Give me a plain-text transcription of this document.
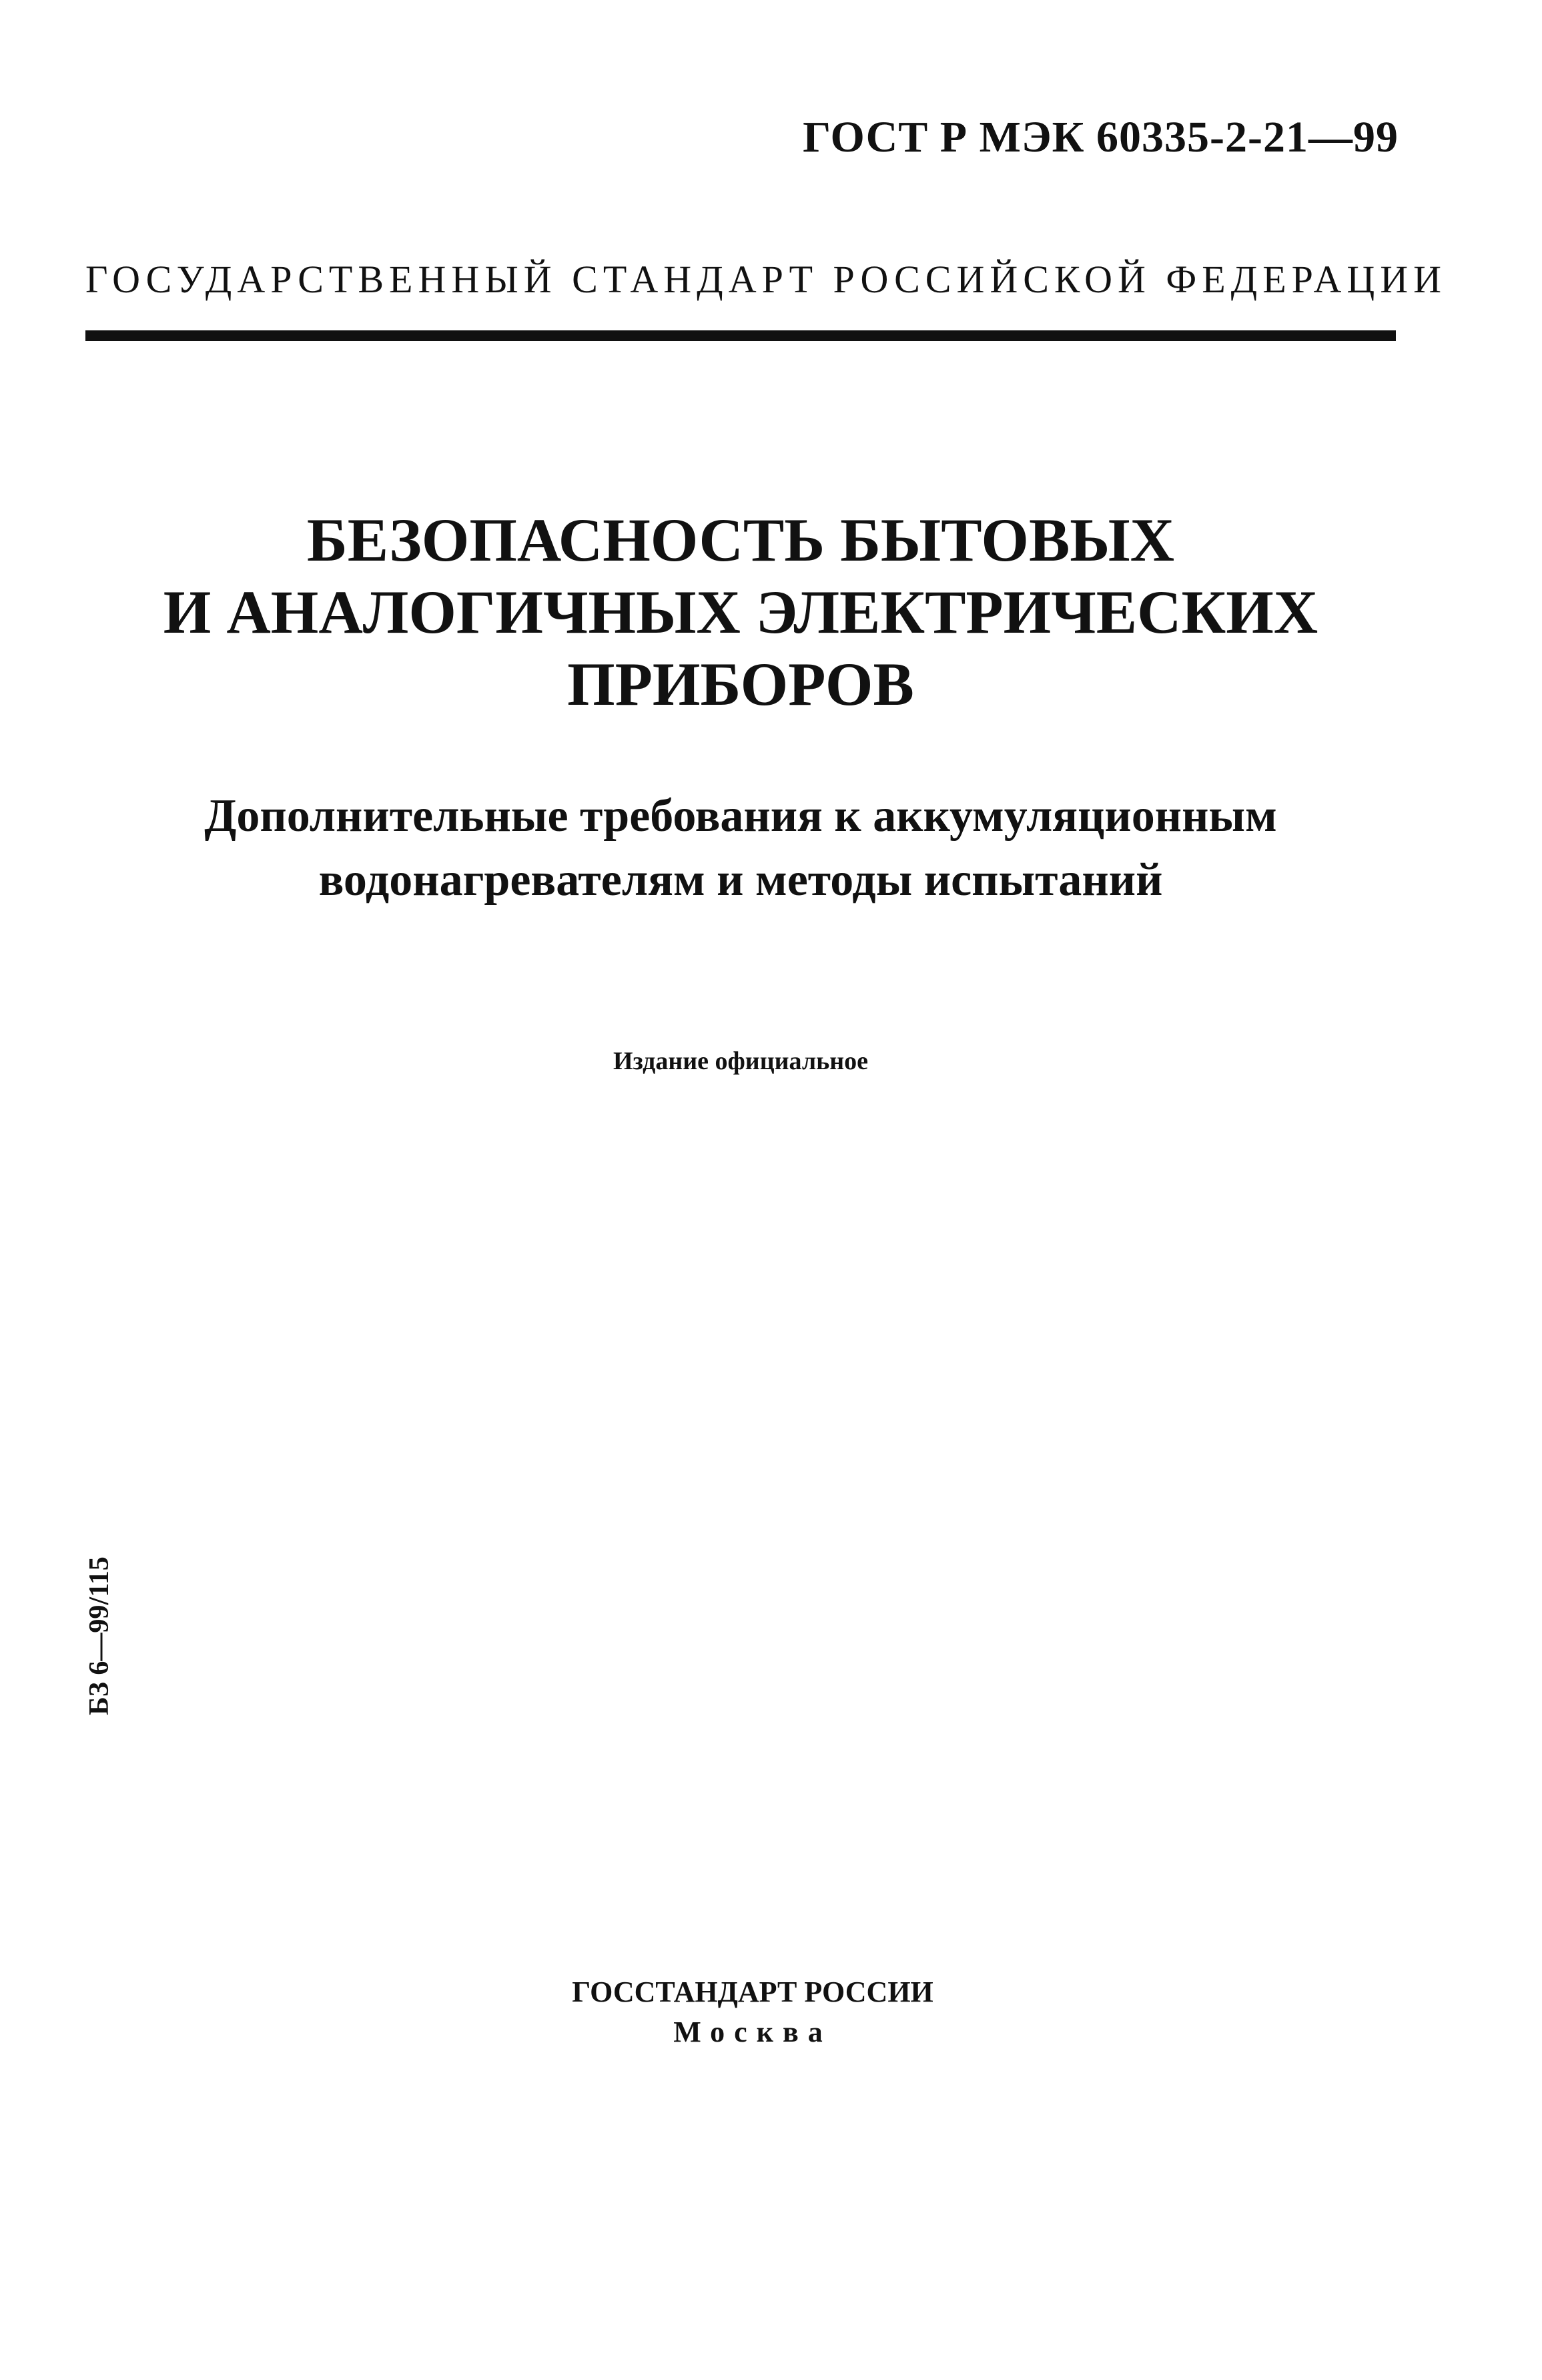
ГОСТ Р МЭК 60335-2-21—99
ГОСУДАРСТВЕННЫЙ СТАНДАРТ РОССИЙСКОЙ ФЕДЕРАЦИИ
БЕЗОПАСНОСТЬ БЫТОВЫХ
И АНАЛОГИЧНЫХ ЭЛЕКТРИЧЕСКИХ
ПРИБОРОВ
Дополнительные требования к аккумуляционным
водонагревателям и методы испытаний
Издание официальное
БЗ 6—99/115
ГОССТАНДАРТ РОССИИ
Москва
